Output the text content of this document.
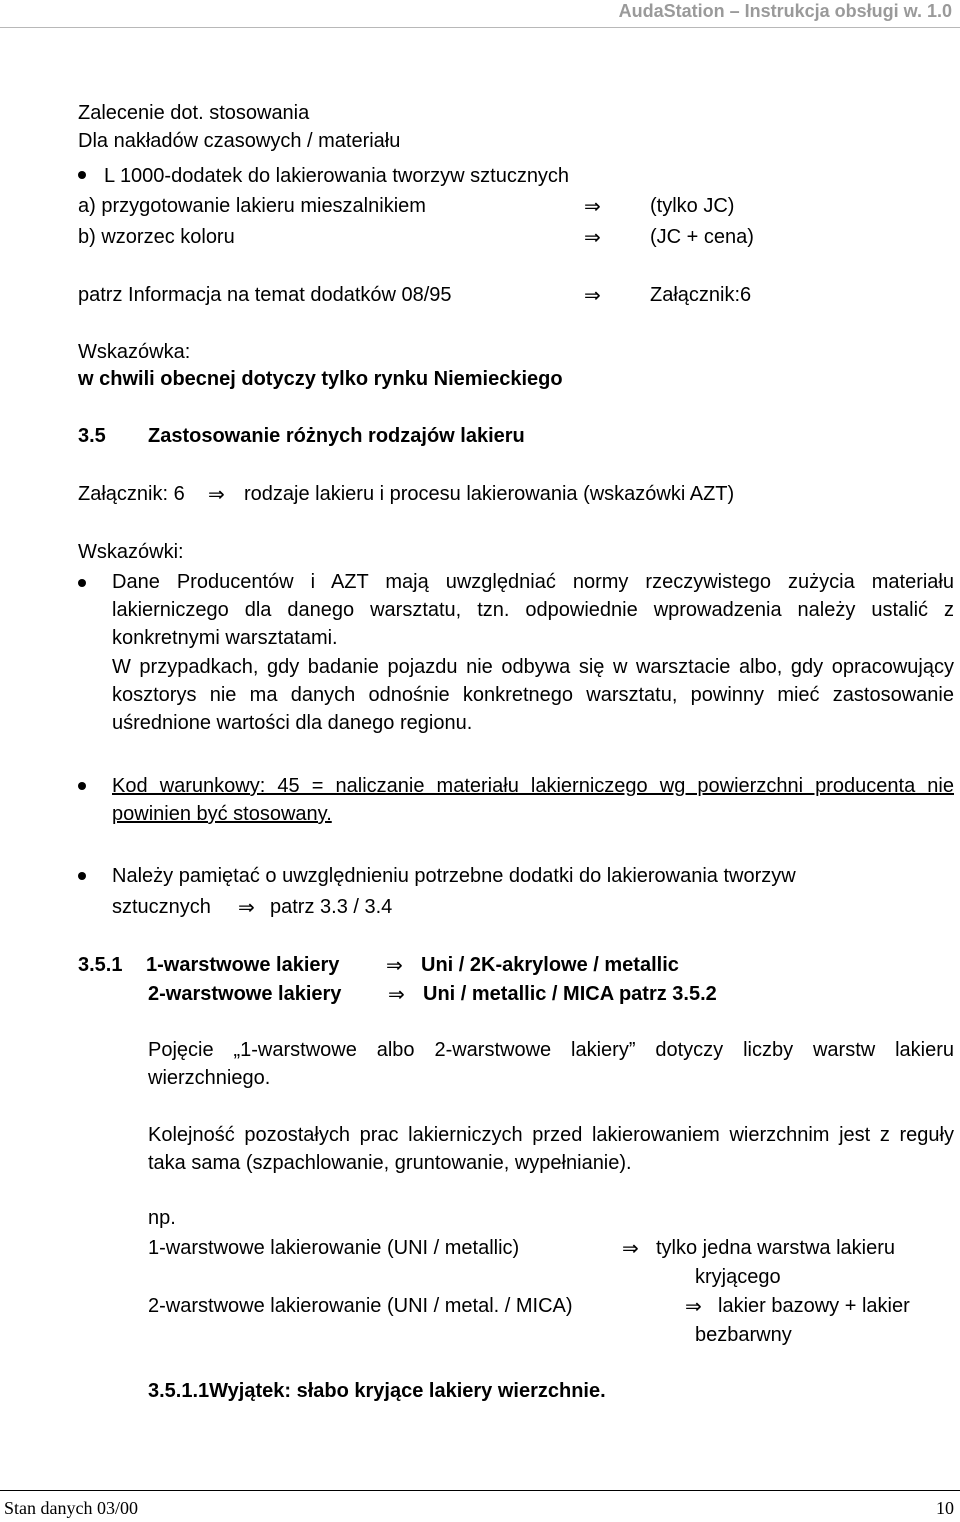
AudaStation – Instrukcja obsługi w. 1.0
Zalecenie dot. stosowania
Dla nakładów czasowych / materiału
L 1000-dodatek do lakierowania tworzyw sztucznych
a) przygotowanie lakieru mieszalnikiem	⇒ (tylko JC)
b) wzorzec koloru	⇒ (JC + cena)
patrz Informacja na temat dodatków 08/95	⇒ Załącznik:6
Wskazówka:
w chwili obecnej dotyczy tylko rynku Niemieckiego
3.5 Zastosowanie różnych rodzajów lakieru
Załącznik: 6 ⇒ rodzaje lakieru i procesu lakierowania (wskazówki AZT)
Wskazówki:
Dane Producentów i AZT mają uwzględniać normy rzeczywistego zużycia materiału lakierniczego dla danego warsztatu, tzn. odpowiednie wprowadzenia należy ustalić z konkretnymi warsztatami.
W przypadkach, gdy badanie pojazdu nie odbywa się w warsztacie albo, gdy opracowujący kosztorys nie ma danych odnośnie konkretnego warsztatu, powinny mieć zastosowanie uśrednione wartości dla danego regionu.
Kod warunkowy: 45 = naliczanie materiału lakierniczego wg powierzchni producenta nie powinien być stosowany.
Należy pamiętać o uwzględnieniu potrzebne dodatki do lakierowania tworzyw
sztucznych ⇒ patrz 3.3 / 3.4
3.5.1 1-warstwowe lakiery ⇒ Uni / 2K-akrylowe / metallic
2-warstwowe lakiery ⇒ Uni / metallic / MICA patrz 3.5.2
Pojęcie „1-warstwowe albo 2-warstwowe lakiery” dotyczy liczby warstw lakieru wierzchniego.
Kolejność pozostałych prac lakierniczych przed lakierowaniem wierzchnim jest z reguły taka sama (szpachlowanie, gruntowanie, wypełnianie).
np.
1-warstwowe lakierowanie (UNI / metallic)	⇒ tylko jedna warstwa lakieru
kryjącego
2-warstwowe lakierowanie (UNI / metal. / MICA)	⇒ lakier bazowy + lakier
bezbarwny
3.5.1.1Wyjątek: słabo kryjące lakiery wierzchnie.
Stan danych 03/00	10
